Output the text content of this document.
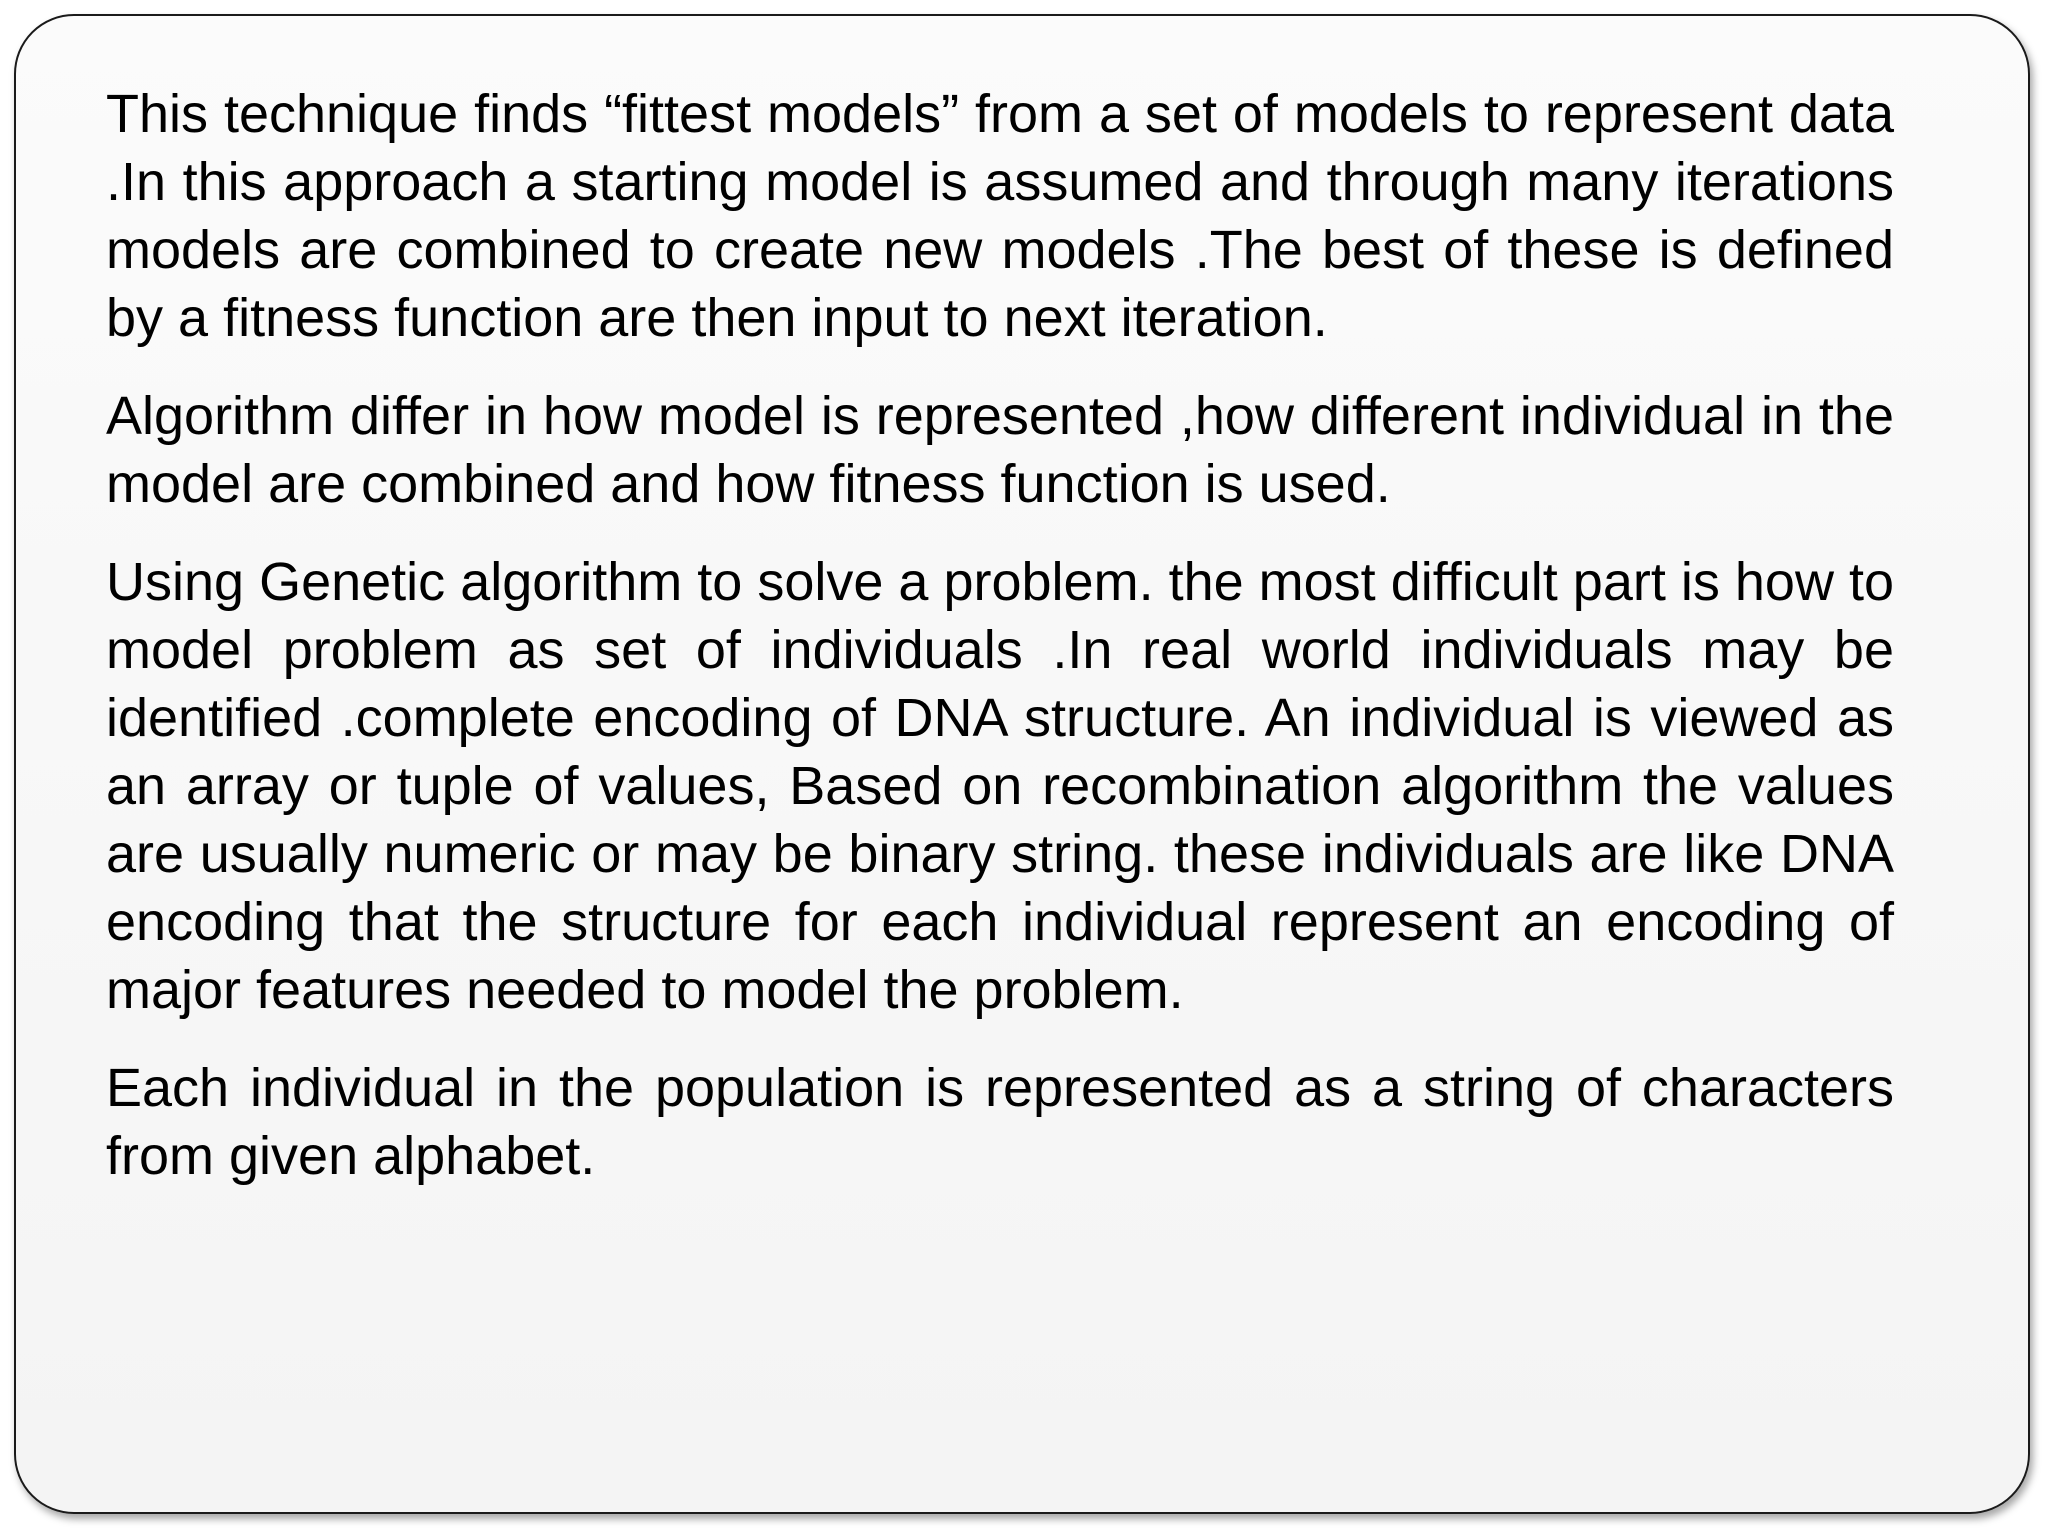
This technique finds “fittest models” from a set of models to represent data .In this approach a starting model is assumed and through many iterations models are combined to create new models .The best of these is defined by a fitness function are then input to next iteration.

Algorithm differ in how model is represented ,how different individual in the model are combined and how fitness function is used.

Using Genetic algorithm to solve a problem. the most difficult part is how to model problem as set of individuals .In real world individuals may be identified .complete encoding of DNA structure. An individual is viewed as an array or tuple of values, Based on recombination algorithm the values are usually numeric or may be binary string. these individuals are like DNA encoding that the structure for each individual represent an encoding of major features needed to model the problem.

Each individual in the population is represented as a string of characters from given alphabet.
